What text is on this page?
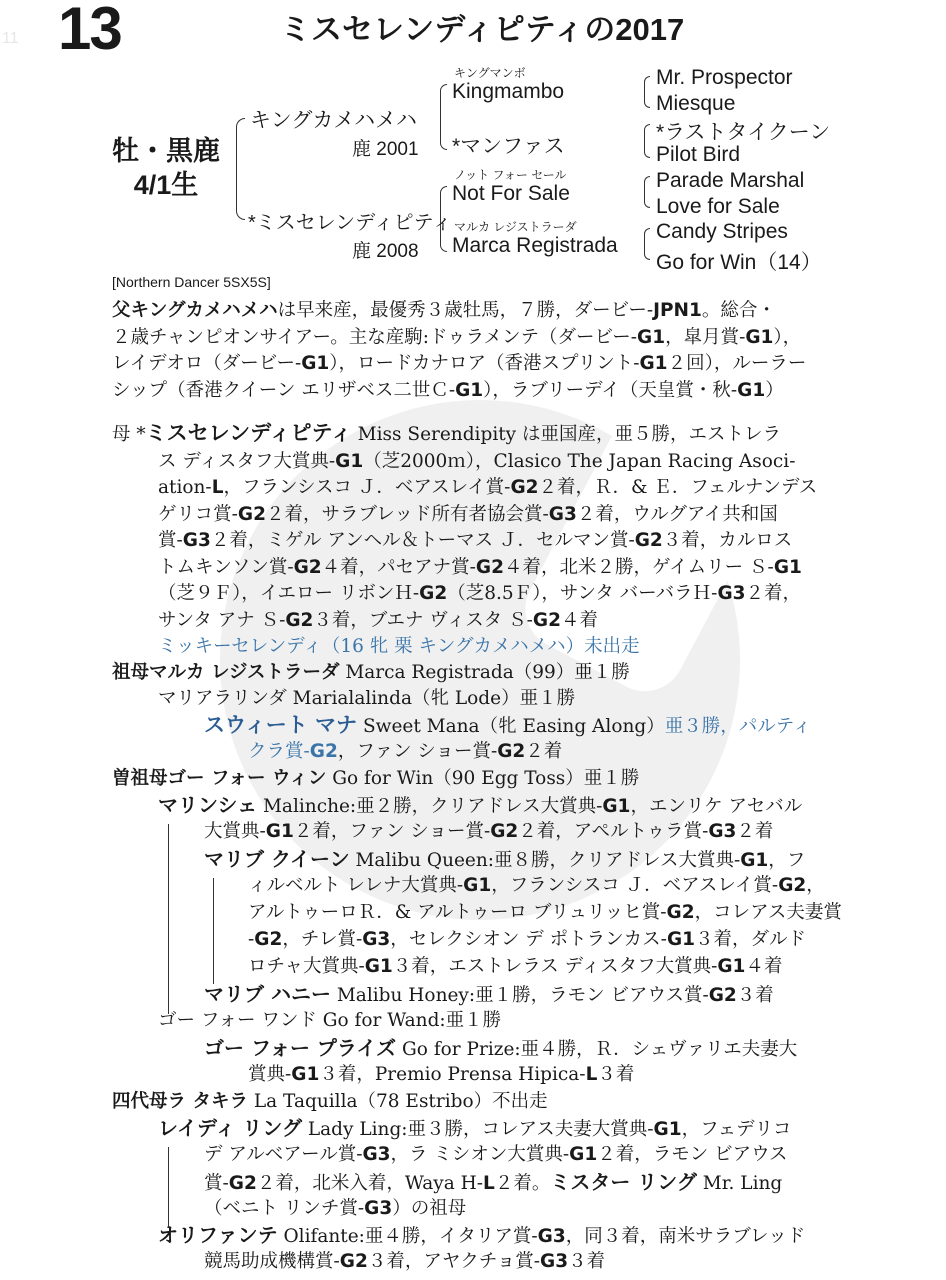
13
11	ミスセレンディピティの2017
牡・黒鹿
4/1生
キングカメハメハ
鹿 2001
*ミスセレンディピティ
鹿 2008
キングマンボ
Kingmambo
*マンファス
ノット フォー セール
Not For Sale
マルカ レジストラーダ
Marca Registrada
Mr. Prospector
Miesque
*ラストタイクーン
Pilot Bird
Parade Marshal
Love for Sale
Candy Stripes
Go for Win（14）
[Northern Dancer 5SX5S]
父キングカメハメハは早来産，最優秀３歳牡馬，７勝，ダービー-JPN1。総合・
２歳チャンピオンサイアー。主な産駒:ドゥラメンテ（ダービー-G1，皐月賞-G1），
レイデオロ（ダービー-G1），ロードカナロア（香港スプリント-G1２回），ルーラー
シップ（香港クイーン エリザベス二世Ｃ-G1），ラブリーデイ（天皇賞・秋-G1）
母 *ミスセレンディピティ Miss Serendipity は亜国産，亜５勝，エストレラ
ス ディスタフ大賞典-G1（芝2000ｍ），Clasico The Japan Racing Asoci-
ation-L，フランシスコ Ｊ．ベアスレイ賞-G2２着，Ｒ．& Ｅ．フェルナンデス
ゲリコ賞-G2２着，サラブレッド所有者協会賞-G3２着，ウルグアイ共和国
賞-G3２着，ミゲル アンヘル＆トーマス Ｊ．セルマン賞-G2３着，カルロス
トムキンソン賞-G2４着，パセアナ賞-G2４着，北米２勝，ゲイムリー Ｓ-G1
（芝９Ｆ），イエロー リボンＨ-G2（芝8.5Ｆ），サンタ バーバラＨ-G3２着，
サンタ アナ Ｓ-G2３着，ブエナ ヴィスタ Ｓ-G2４着
ミッキーセレンディ（16 牝 栗 キングカメハメハ）未出走
祖母マルカ レジストラーダ Marca Registrada（99）亜１勝
マリアラリンダ Marialalinda（牝 Lode）亜１勝
スウィート マナ Sweet Mana（牝 Easing Along）亜３勝，パルティ
クラ賞-G2，ファン ショー賞-G2２着
曽祖母ゴー フォー ウィン Go for Win（90 Egg Toss）亜１勝
マリンシェ Malinche:亜２勝，クリアドレス大賞典-G1，エンリケ アセバル
大賞典-G1２着，ファン ショー賞-G2２着，アペルトゥラ賞-G3２着
マリブ クイーン Malibu Queen:亜８勝，クリアドレス大賞典-G1，フ
ィルベルト レレナ大賞典-G1，フランシスコ Ｊ．ベアスレイ賞-G2，
アルトゥーロＲ．& アルトゥーロ ブリュリッヒ賞-G2，コレアス夫妻賞
-G2，チレ賞-G3，セレクシオン デ ポトランカス-G1３着，ダルド
ロチャ大賞典-G1３着，エストレラス ディスタフ大賞典-G1４着
マリブ ハニー Malibu Honey:亜１勝，ラモン ビアウス賞-G2３着
ゴー フォー ワンド Go for Wand:亜１勝
ゴー フォー プライズ Go for Prize:亜４勝，Ｒ．シェヴァリエ夫妻大
賞典-G1３着，Premio Prensa Hipica-L３着
四代母ラ タキラ La Taquilla（78 Estribo）不出走
レイディ リング Lady Ling:亜３勝，コレアス夫妻大賞典-G1，フェデリコ
デ アルベアール賞-G3，ラ ミシオン大賞典-G1２着，ラモン ビアウス
賞-G2２着，北米入着，Waya H-L２着。ミスター リング Mr. Ling
（ベニト リンチ賞-G3）の祖母
オリファンテ Olifante:亜４勝，イタリア賞-G3，同３着，南米サラブレッド
競馬助成機構賞-G2３着，アヤクチョ賞-G3３着
